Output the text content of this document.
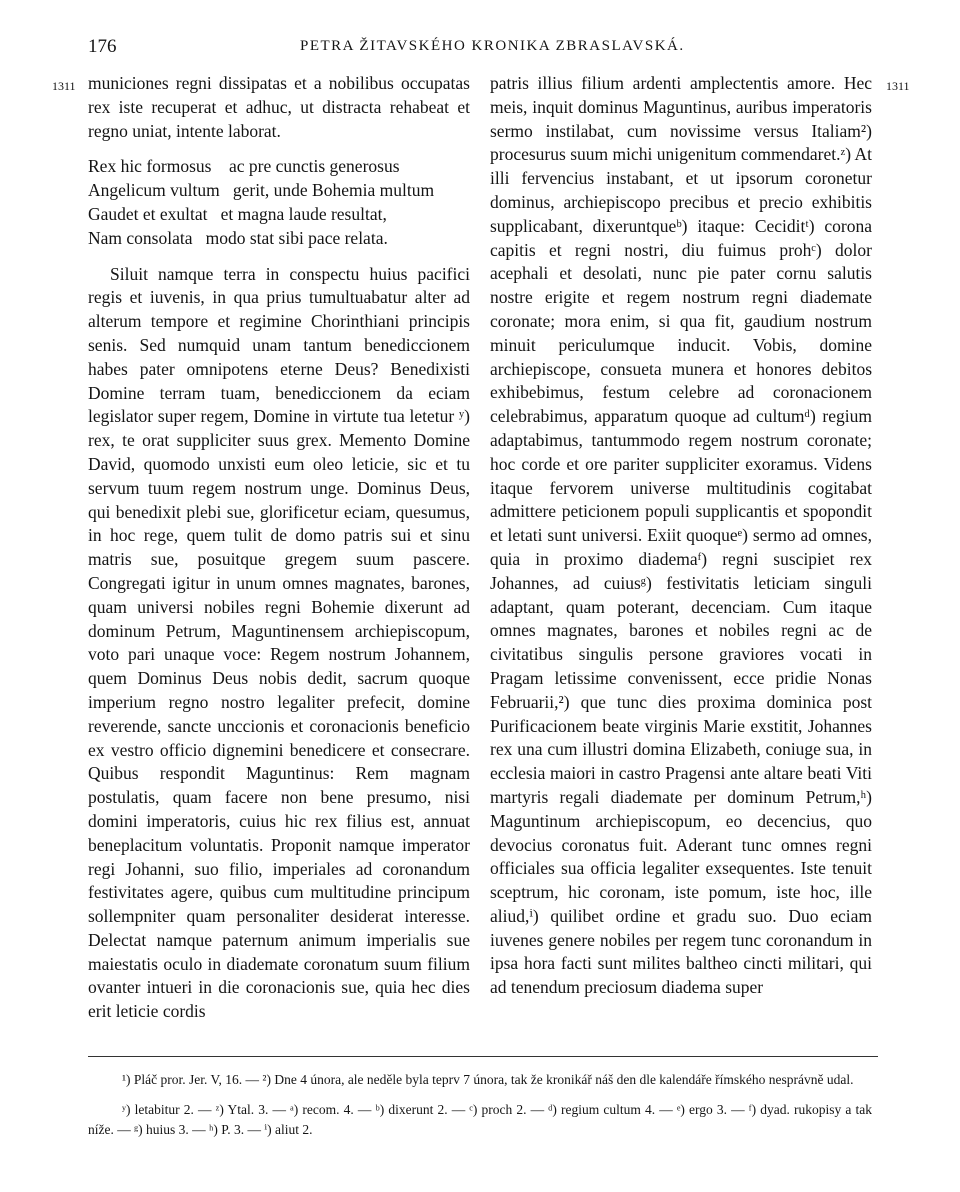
176	PETRA ŽITAVSKÉHO KRONIKA ZBRASLAVSKÁ.
1311	1311

municiones regni dissipatas et a nobilibus occupatas rex iste recuperat et adhuc, ut distracta rehabeat et regno uniat, intente laborat.

Rex hic formosus    ac pre cunctis generosus
Angelicum vultum   gerit, unde Bohemia multum
Gaudet et exultat   et magna laude resultat,
Nam consolata   modo stat sibi pace relata.

Siluit namque terra in conspectu huius pacifici regis et iuvenis, in qua prius tumultuabatur alter ad alterum tempore et regimine Chorinthiani principis senis. Sed numquid unam tantum benediccionem habes pater omnipotens eterne Deus? Benedixisti Domine terram tuam, benediccionem da eciam legislator super regem, Domine in virtute tua letetur ʸ) rex, te orat suppliciter suus grex. Memento Domine David, quomodo unxisti eum oleo leticie, sic et tu servum tuum regem nostrum unge. Dominus Deus, qui benedixit plebi sue, glorificetur eciam, quesumus, in hoc rege, quem tulit de domo patris sui et sinu matris sue, posuitque gregem suum pascere. Congregati igitur in unum omnes magnates, barones, quam universi nobiles regni Bohemie dixerunt ad dominum Petrum, Maguntinensem archiepiscopum, voto pari unaque voce: Regem nostrum Johannem, quem Dominus Deus nobis dedit, sacrum quoque imperium regno nostro legaliter prefecit, domine reverende, sancte unccionis et coronacionis beneficio ex vestro officio dignemini benedicere et consecrare. Quibus respondit Maguntinus: Rem magnam postulatis, quam facere non bene presumo, nisi domini imperatoris, cuius hic rex filius est, annuat beneplacitum voluntatis. Proponit namque imperator regi Johanni, suo filio, imperiales ad coronandum festivitates agere, quibus cum multitudine principum sollempniter quam personaliter desiderat interesse. Delectat namque paternum animum imperialis sue maiestatis oculo in diademate coronatum suum filium ovanter intueri in die coronacionis sue, quia hec dies erit leticie cordis

patris illius filium ardenti amplectentis amore. Hec meis, inquit dominus Maguntinus, auribus imperatoris sermo instilabat, cum novissime versus Italiam²) procesurus suum michi unigenitum commendaret.ᶻ) At illi fervencius instabant, et ut ipsorum coronetur dominus, archiepiscopo precibus et precio exhibitis supplicabant, dixeruntqueᵇ) itaque: Ceciditᵗ) corona capitis et regni nostri, diu fuimus prohᶜ) dolor acephali et desolati, nunc pie pater cornu salutis nostre erigite et regem nostrum regni diademate coronate; mora enim, si qua fit, gaudium nostrum minuit periculumque inducit. Vobis, domine archiepiscope, consueta munera et honores debitos exhibebimus, festum celebre ad coronacionem celebrabimus, apparatum quoque ad cultumᵈ) regium adaptabimus, tantummodo regem nostrum coronate; hoc corde et ore pariter suppliciter exoramus. Videns itaque fervorem universe multitudinis cogitabat admittere peticionem populi supplicantis et spopondit et letati sunt universi. Exiit quoqueᵉ) sermo ad omnes, quia in proximo diademaᶠ) regni suscipiet rex Johannes, ad cuiusᵍ) festivitatis leticiam singuli adaptant, quam poterant, decenciam. Cum itaque omnes magnates, barones et nobiles regni ac de civitatibus singulis persone graviores vocati in Pragam letissime convenissent, ecce pridie Nonas Februarii,²) que tunc dies proxima dominica post Purificacionem beate virginis Marie exstitit, Johannes rex una cum illustri domina Elizabeth, coniuge sua, in ecclesia maiori in castro Pragensi ante altare beati Viti martyris regali diademate per dominum Petrum,ʰ) Maguntinum archiepiscopum, eo decencius, quo devocius coronatus fuit. Aderant tunc omnes regni officiales sua officia legaliter exsequentes. Iste tenuit sceptrum, hic coronam, iste pomum, iste hoc, ille aliud,ⁱ) quilibet ordine et gradu suo. Duo eciam iuvenes genere nobiles per regem tunc coronandum in ipsa hora facti sunt milites baltheo cincti militari, qui ad tenendum preciosum diadema super

¹) Pláč pror. Jer. V, 16. — ²) Dne 4 února, ale neděle byla teprv 7 února, tak že kronikář náš den dle kalendáře římského nesprávně udal.

ʸ) letabitur 2. — ᶻ) Ytal. 3. — ᵃ) recom. 4. — ᵇ) dixerunt 2. — ᶜ) proch 2. — ᵈ) regium cultum 4. — ᵉ) ergo 3. — ᶠ) dyad. rukopisy a tak níže. — ᵍ) huius 3. — ʰ) P. 3. — ⁱ) aliut 2.
